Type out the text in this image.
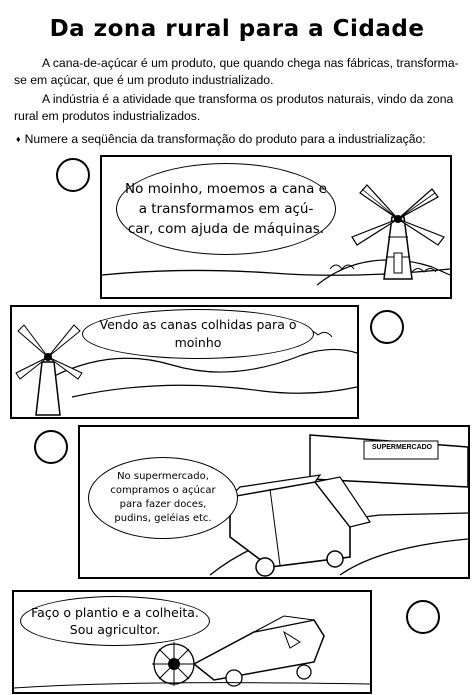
Da zona rural para a Cidade
A cana-de-açúcar é um produto, que quando chega nas fábricas, transforma-se em açúcar, que é um produto industrializado.
A indústria é a atividade que transforma os produtos naturais, vindo da zona rural em produtos industrializados.
♦ Numere a seqüência da transformação do produto para a industrialização:
No moinho, moemos a cana e
a transformamos em açú-
car, com ajuda de máquinas.
Vendo as canas colhidas para o
moinho
SUPERMERCADO
No supermercado,
compramos o açúcar
para fazer doces,
pudins, geléias etc.
Faço o plantio e a colheita.
Sou agricultor.
